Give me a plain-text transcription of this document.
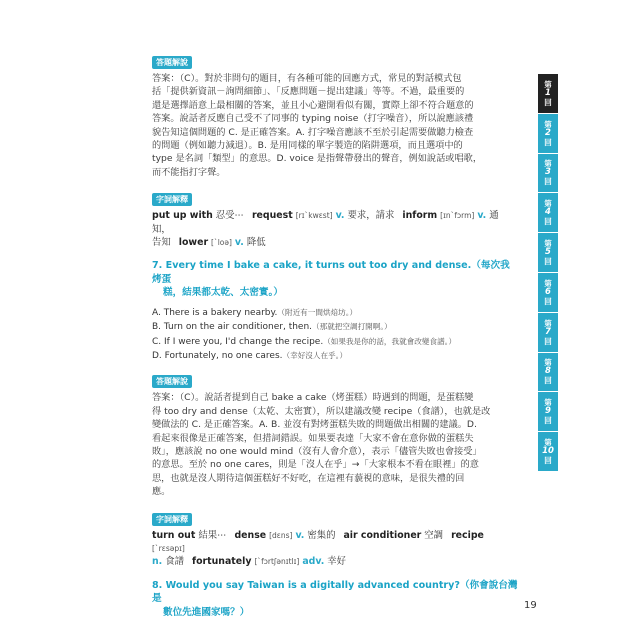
答題解說
答案：（C）。對於非問句的題目，有各種可能的回應方式，常見的對話模式包
括「提供新資訊－詢問細節」、「反應問題－提出建議」等等。不過，最重要的
還是選擇語意上最相關的答案，並且小心避開看似有關，實際上卻不符合題意的
答案。說話者反應自己受不了同事的 typing noise（打字噪音），所以說應該禮
貌告知這個問題的 C. 是正確答案。A. 打字噪音應該不至於引起需要做聽力檢查
的問題（例如聽力減退）。B. 是用同樣的單字製造的陷阱選項，而且選項中的
type 是名詞「類型」的意思。D. voice 是指聲帶發出的聲音，例如說話或唱歌，
而不能指打字聲。
字詞解釋
put up with 忍受⋯ request [rɪˋkwɛst] v. 要求，請求 inform [ɪnˋfɔrm] v. 通知，
告知 lower [ˋloə] v. 降低
7. Every time I bake a cake, it turns out too dry and dense.（每次我烤蛋
糕，結果都太乾、太密實。）
A. There is a bakery nearby.（附近有一間烘焙坊。）
B. Turn on the air conditioner, then.（那就把空調打開啊。）
C. If I were you, I'd change the recipe.（如果我是你的話，我就會改變食譜。）
D. Fortunately, no one cares.（幸好沒人在乎。）
答題解說
答案：（C）。說話者提到自己 bake a cake（烤蛋糕）時遇到的問題，是蛋糕變
得 too dry and dense（太乾、太密實），所以建議改變 recipe（食譜），也就是改
變做法的 C. 是正確答案。A. B. 並沒有對烤蛋糕失敗的問題做出相關的建議。D.
看起來很像是正確答案，但措詞錯誤。如果要表達「大家不會在意你做的蛋糕失
敗」，應該說 no one would mind（沒有人會介意），表示「儘管失敗也會接受」
的意思。至於 no one cares，則是「沒人在乎」→「大家根本不看在眼裡」的意
思，也就是沒人期待這個蛋糕好不好吃，在這裡有藐視的意味，是很失禮的回
應。
字詞解釋
turn out 結果⋯ dense [dɛns] v. 密集的 air conditioner 空調 recipe [ˋrɛsəpɪ]
n. 食譜 fortunately [ˋfɔrtʃənɪtlɪ] adv. 幸好
8. Would you say Taiwan is a digitally advanced country?（你會說台灣是
數位先進國家嗎？）
第
1
回
第
2
回
第
3
回
第
4
回
第
5
回
第
6
回
第
7
回
第
8
回
第
9
回
第
10
回
19
